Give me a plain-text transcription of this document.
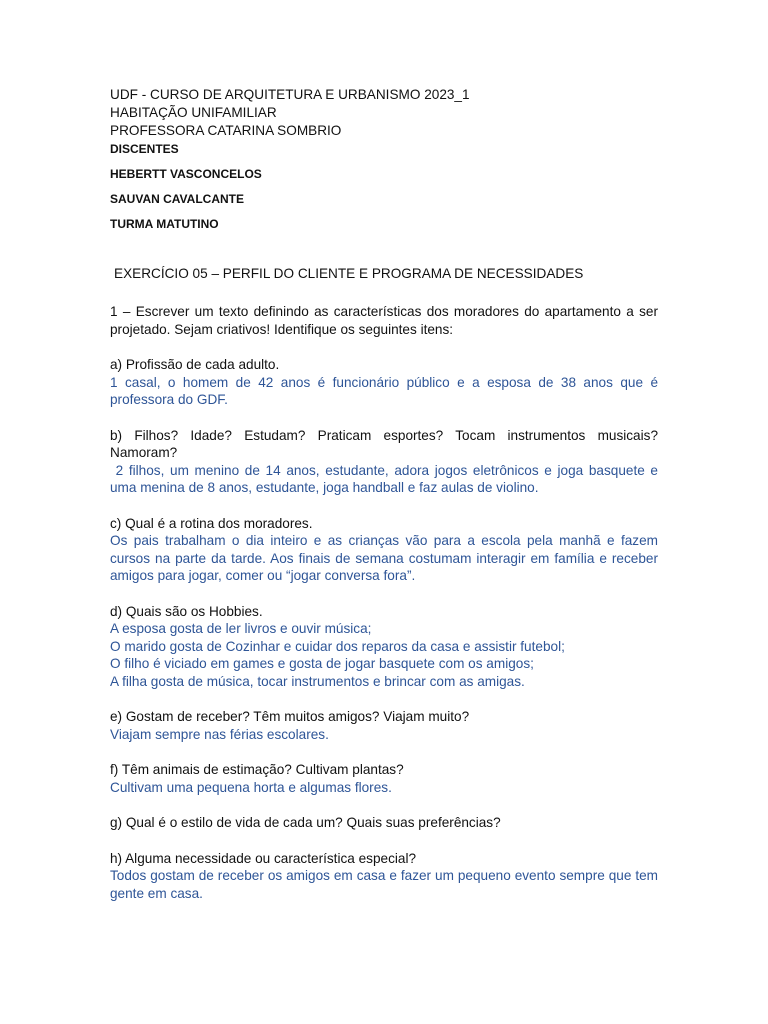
UDF - CURSO DE ARQUITETURA E URBANISMO 2023_1
HABITAÇÃO UNIFAMILIAR
PROFESSORA CATARINA SOMBRIO
DISCENTES
HEBERTT VASCONCELOS
SAUVAN CAVALCANTE
TURMA MATUTINO
EXERCÍCIO 05 – PERFIL DO CLIENTE E PROGRAMA DE NECESSIDADES

1 – Escrever um texto definindo as características dos moradores do apartamento a ser projetado. Sejam criativos! Identifique os seguintes itens:

a) Profissão de cada adulto.

1 casal, o homem de 42 anos é funcionário público e a esposa de 38 anos que é professora do GDF.

b) Filhos? Idade? Estudam? Praticam esportes? Tocam instrumentos musicais? Namoram?

2 filhos, um menino de 14 anos, estudante, adora jogos eletrônicos e joga basquete e uma menina de 8 anos, estudante, joga handball e faz aulas de violino.

c) Qual é a rotina dos moradores.

Os pais trabalham o dia inteiro e as crianças vão para a escola pela manhã e fazem cursos na parte da tarde. Aos finais de semana costumam interagir em família e receber amigos para jogar, comer ou “jogar conversa fora”.

d) Quais são os Hobbies.

A esposa gosta de ler livros e ouvir música;

O marido gosta de Cozinhar e cuidar dos reparos da casa e assistir futebol;

O filho é viciado em games e gosta de jogar basquete com os amigos;

A filha gosta de música, tocar instrumentos e brincar com as amigas.

e) Gostam de receber? Têm muitos amigos? Viajam muito?

Viajam sempre nas férias escolares.

f) Têm animais de estimação? Cultivam plantas?

Cultivam uma pequena horta e algumas flores.

g) Qual é o estilo de vida de cada um? Quais suas preferências?

h) Alguma necessidade ou característica especial?

Todos gostam de receber os amigos em casa e fazer um pequeno evento sempre que tem gente em casa.
